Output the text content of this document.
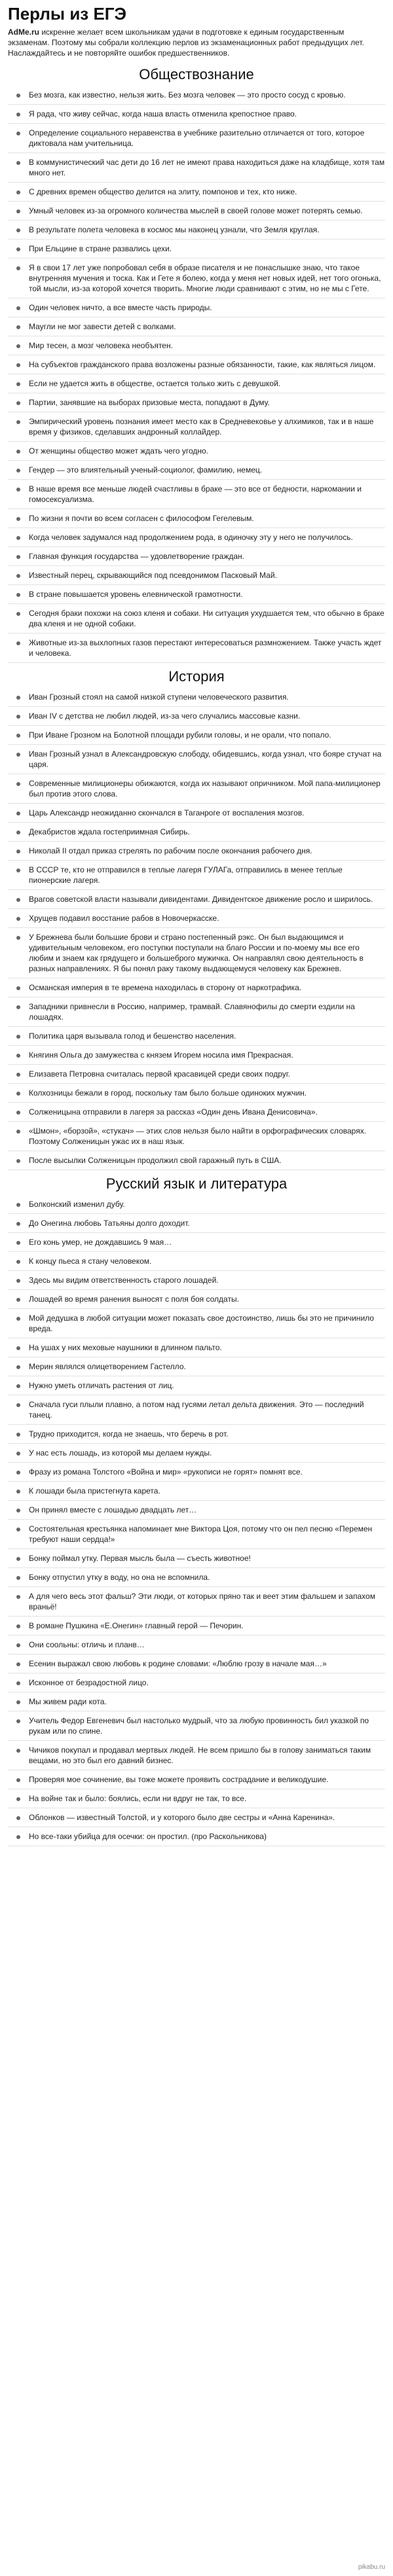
Перлы из ЕГЭ
AdMe.ru искренне желает всем школьникам удачи в подготовке к единым государственным экзаменам. Поэтому мы собрали коллекцию перлов из экзаменационных работ предыдущих лет. Наслаждайтесь и не повторяйте ошибок предшественников.
Обществознание
Без мозга, как известно, нельзя жить. Без мозга человек — это просто сосуд с кровью.
Я рада, что живу сейчас, когда наша власть отменила крепостное право.
Определение социального неравенства в учебнике разительно отличается от того, которое диктовала нам учительница.
В коммунистический час дети до 16 лет не имеют права находиться даже на кладбище, хотя там много нет.
С древних времен общество делится на элиту, помпонов и тех, кто ниже.
Умный человек из-за огромного количества мыслей в своей голове может потерять семью.
В результате полета человека в космос мы наконец узнали, что Земля круглая.
При Ельцине в стране развались цехи.
Я в свои 17 лет уже попробовал себя в образе писателя и не понаслышке знаю, что такое внутренняя мучения и тоска. Как и Гете я болею, когда у меня нет новых идей, нет того огонька, той мысли, из-за которой хочется творить. Многие люди сравнивают с этим, но не мы с Гете.
Один человек ничто, а все вместе часть природы.
Маугли не мог завести детей с волками.
Мир тесен, а мозг человека необъятен.
На субъектов гражданского права возложены разные обязанности, такие, как являться лицом.
Если не удается жить в обществе, остается только жить с девушкой.
Партии, занявшие на выборах призовые места, попадают в Думу.
Эмпирический уровень познания имеет место как в Средневековье у алхимиков, так и в наше время у физиков, сделавших андронный коллайдер.
От женщины общество может ждать чего угодно.
Гендер — это влиятельный ученый-социолог, фамилию, немец.
В наше время все меньше людей счастливы в браке — это все от бедности, наркомании и гомосексуализма.
По жизни я почти во всем согласен с философом Гегелевым.
Когда человек задумался над продолжением рода, в одиночку эту у него не получилось.
Главная функция государства — удовлетворение граждан.
Известный перец, скрывающийся под псевдонимом Пасковый Май.
В стране повышается уровень елевнической грамотности.
Сегодня браки похожи на союз кленя и собаки. Ни ситуация ухудшается тем, что обычно в браке два кленя и не одной собаки.
Животные из-за выхлопных газов перестают интересоваться размножением. Также участь ждет и человека.
История
Иван Грозный стоял на самой низкой ступени человеческого развития.
Иван IV с детства не любил людей, из-за чего случались массовые казни.
При Иване Грозном на Болотной площади рубили головы, и не орали, что попало.
Иван Грозный узнал в Александровскую слободу, обидевшись, когда узнал, что бояре стучат на царя.
Современные милиционеры обижаются, когда их называют опричником. Мой папа-милиционер был против этого слова.
Царь Александр неожиданно скончался в Таганроге от воспаления мозгов.
Декабристов ждала гостеприимная Сибирь.
Николай II отдал приказ стрелять по рабочим после окончания рабочего дня.
В СССР те, кто не отправился в теплые лагеря ГУЛАГа, отправились в менее теплые пионерские лагеря.
Врагов советской власти называли дивидентами. Дивидентское движение росло и ширилось.
Хрущев подавил восстание рабов в Новочеркасске.
У Брежнева были большие брови и страно постепенный рэкс. Он был выдающимся и удивительным человеком, его поступки поступали на благо России и по-моему мы все его любим и знаем как грядущего и большеброго мужичка. Он направлял свою деятельность в разных направлениях. Я бы понял раку такому выдающемуся человеку как Брежнев.
Османская империя в те времена находилась в сторону от наркотрафика.
Западники привнесли в Россию, например, трамвай. Славянофилы до смерти ездили на лошадях.
Политика царя вызывала голод и бешенство населения.
Княгиня Ольга до замужества с князем Игорем носила имя Прекрасная.
Елизавета Петровна считалась первой красавицей среди своих подруг.
Колхозницы бежали в город, поскольку там было больше одиноких мужчин.
Солженицына отправили в лагеря за рассказ «Один день Ивана Денисовича».
«Шмон», «борзой», «стукач» — этих слов нельзя было найти в орфографических словарях. Поэтому Солженицын ужас их в наш язык.
После высылки Солженицын продолжил свой гаражный путь в США.
Русский язык и литература
Болконский изменил дубу.
До Онегина любовь Татьяны долго доходит.
Его конь умер, не дождавшись 9 мая…
К концу пьеса я стану человеком.
Здесь мы видим ответственность старого лошадей.
Лошадей во время ранения выносят с поля боя солдаты.
Мой дедушка в любой ситуации может показать свое достоинство, лишь бы это не причинило вреда.
На ушах у них меховые наушники в длинном пальто.
Мерин являлся олицетворением Гастелло.
Нужно уметь отличать растения от лиц.
Сначала гуси плыли плавно, а потом над гусями летал дельта движения. Это — последний танец.
Трудно приходится, когда не знаешь, что беречь в рот.
У нас есть лошадь, из которой мы делаем нужды.
Фразу из романа Толстого «Война и мир» «рукописи не горят» помнят все.
К лошади была пристегнута карета.
Он принял вместе с лошадью двадцать лет…
Состоятельная крестьянка напоминает мне Виктора Цоя, потому что он пел песню «Перемен требуют наши сердца!»
Бонку поймал утку. Первая мысль была — съесть животное!
Бонку отпустил утку в воду, но она не вспомнила.
А для чего весь этот фальш? Эти люди, от которых пряно так и веет этим фальшем и запахом враньё!
В романе Пушкина «Е.Онегин» главный герой — Печорин.
Они соольны: отличь и планв…
Есенин выражал свою любовь к родине словами: «Люблю грозу в начале мая…»
Исконное от безрадостной лицо.
Мы живем ради кота.
Учитель Федор Евгеневич был настолько мудрый, что за любую провинность бил указкой по рукам или по спине.
Чичиков покупал и продавал мертвых людей. Не всем пришло бы в голову заниматься таким вещами, но это был его давний бизнес.
Проверяя мое сочинение, вы тоже можете проявить сострадание и великодушие.
На войне так и было: боялись, если ни вдруг не так, то все.
Облонков — известный Толстой, и у которого было две сестры и «Анна Каренина».
Но все-таки убийца для осечки: он простил. (про Раскольникова)
pikabu.ru
